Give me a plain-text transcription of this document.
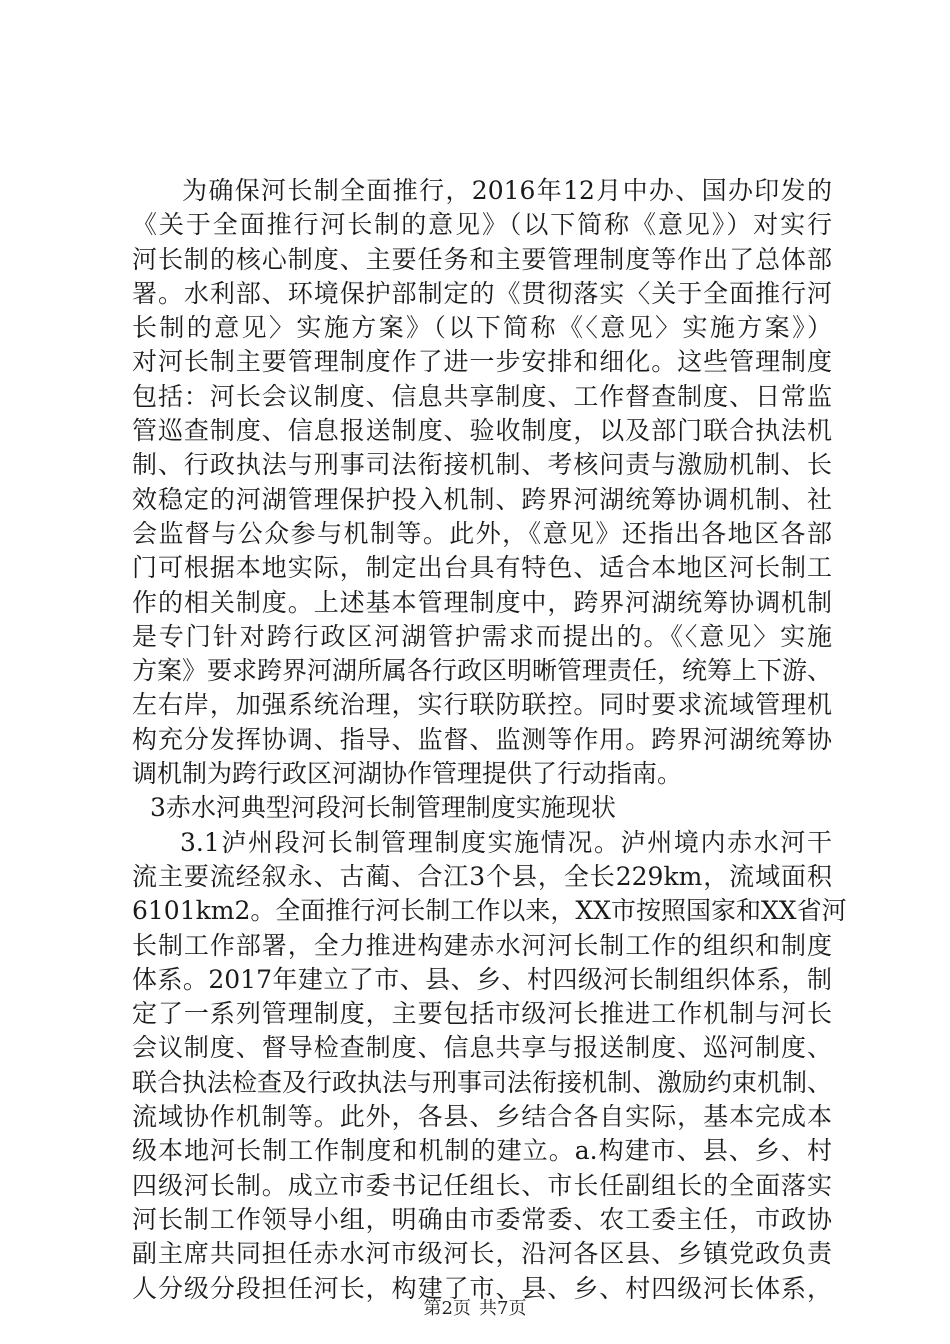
为确保河长制全面推行，2016年12月中办、国办印发的
《关于全面推行河长制的意见》（以下简称《意见》）对实行
河长制的核心制度、主要任务和主要管理制度等作出了总体部
署。水利部、环境保护部制定的《贯彻落实〈关于全面推行河
长制的意见〉实施方案》（以下简称《〈意见〉实施方案》）
对河长制主要管理制度作了进一步安排和细化。这些管理制度
包括：河长会议制度、信息共享制度、工作督查制度、日常监
管巡查制度、信息报送制度、验收制度，以及部门联合执法机
制、行政执法与刑事司法衔接机制、考核问责与激励机制、长
效稳定的河湖管理保护投入机制、跨界河湖统筹协调机制、社
会监督与公众参与机制等。此外，《意见》还指出各地区各部
门可根据本地实际，制定出台具有特色、适合本地区河长制工
作的相关制度。上述基本管理制度中，跨界河湖统筹协调机制
是专门针对跨行政区河湖管护需求而提出的。《〈意见〉实施
方案》要求跨界河湖所属各行政区明晰管理责任，统筹上下游、
左右岸，加强系统治理，实行联防联控。同时要求流域管理机
构充分发挥协调、指导、监督、监测等作用。跨界河湖统筹协
调机制为跨行政区河湖协作管理提供了行动指南。
3赤水河典型河段河长制管理制度实施现状
3.1泸州段河长制管理制度实施情况。泸州境内赤水河干
流主要流经叙永、古蔺、合江3个县，全长229km，流域面积
6101km2。全面推行河长制工作以来，XX市按照国家和XX省河
长制工作部署，全力推进构建赤水河河长制工作的组织和制度
体系。2017年建立了市、县、乡、村四级河长制组织体系，制
定了一系列管理制度，主要包括市级河长推进工作机制与河长
会议制度、督导检查制度、信息共享与报送制度、巡河制度、
联合执法检查及行政执法与刑事司法衔接机制、激励约束机制、
流域协作机制等。此外，各县、乡结合各自实际，基本完成本
级本地河长制工作制度和机制的建立。a.构建市、县、乡、村
四级河长制。成立市委书记任组长、市长任副组长的全面落实
河长制工作领导小组，明确由市委常委、农工委主任，市政协
副主席共同担任赤水河市级河长，沿河各区县、乡镇党政负责
人分级分段担任河长，构建了市、县、乡、村四级河长体系，
第2页 共7页
